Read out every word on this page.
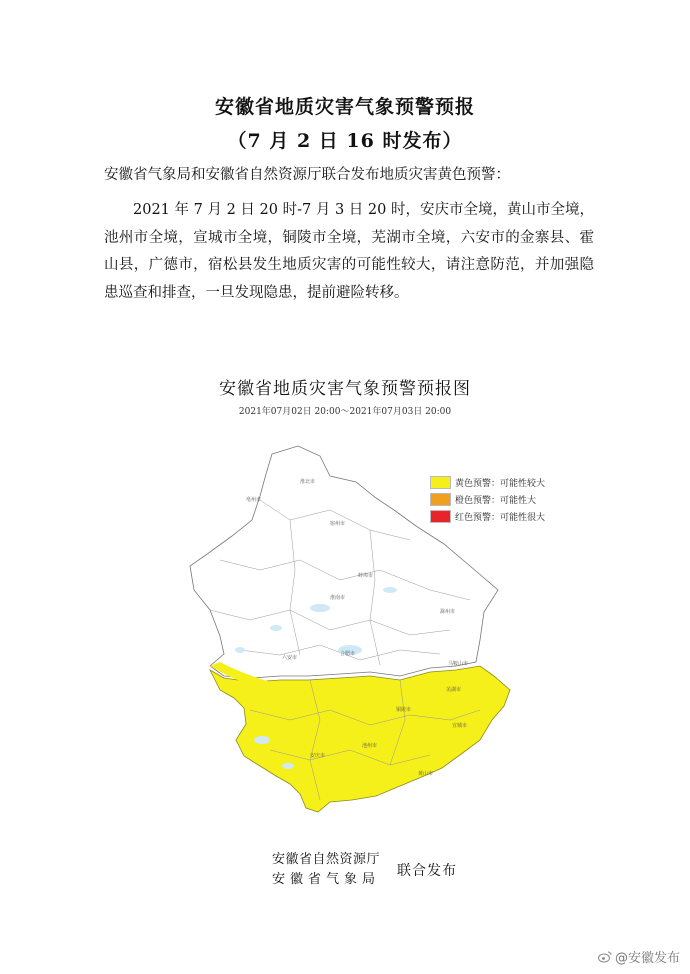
安徽省地质灾害气象预警预报
（7 月 2 日 16 时发布）
安徽省气象局和安徽省自然资源厅联合发布地质灾害黄色预警：
2021 年 7 月 2 日 20 时-7 月 3 日 20 时，安庆市全境，黄山市全境，池州市全境，宣城市全境，铜陵市全境，芜湖市全境，六安市的金寨县、霍山县，广德市，宿松县发生地质灾害的可能性较大，请注意防范，并加强隐患巡查和排查，一旦发现隐患，提前避险转移。
安徽省地质灾害气象预警预报图
2021年07月02日 20:00～2021年07月03日 20:00
亳州市
淮北市
宿州市
蚌埠市
淮南市
滁州市
六安市
合肥市
马鞍山市
芜湖市
铜陵市
池州市
安庆市
宣城市
黄山市
黄色预警：可能性较大
橙色预警：可能性大
红色预警：可能性很大
安徽省自然资源厅
安徽省气象局
联合发布
@安徽发布
